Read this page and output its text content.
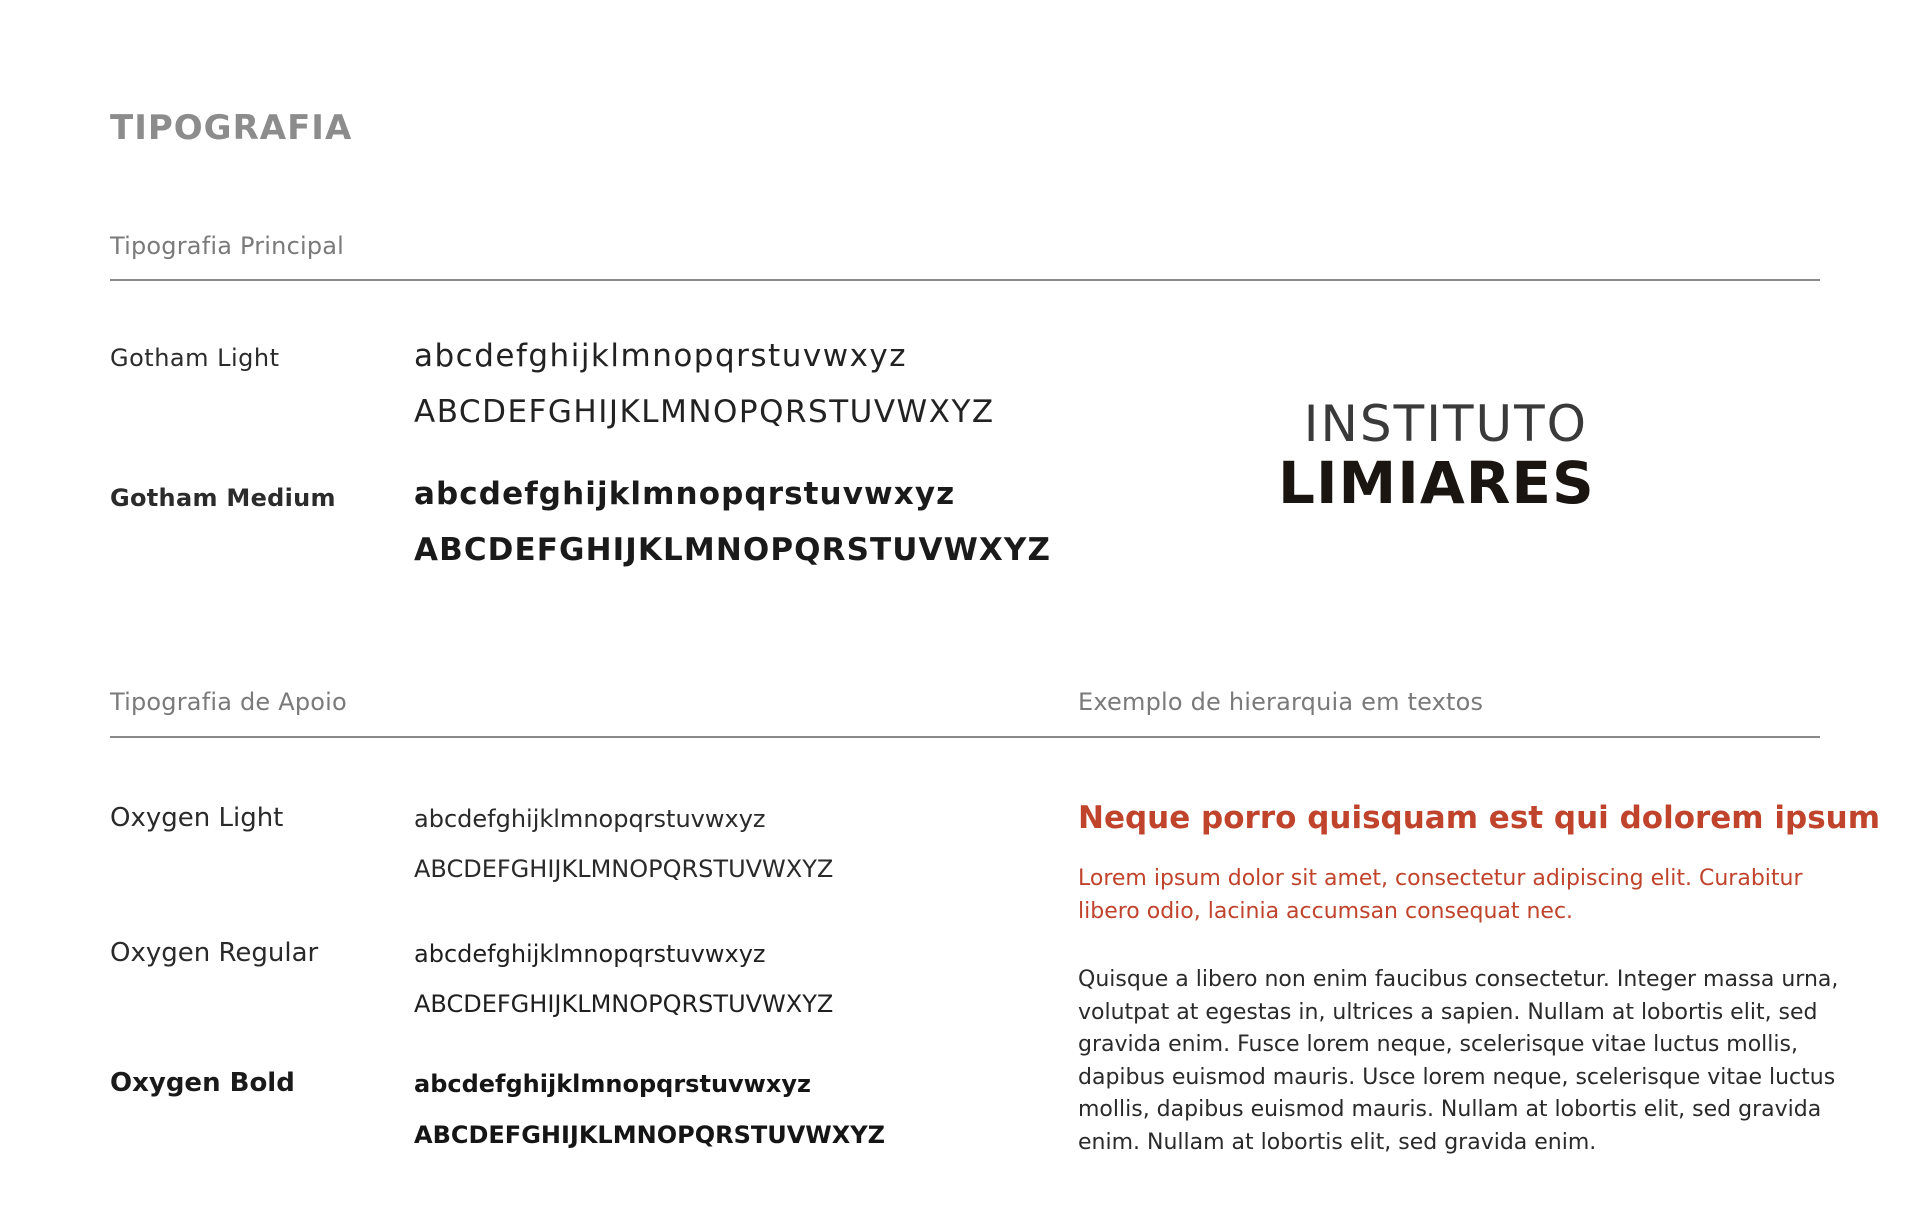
TIPOGRAFIA
Tipografia Principal
Gotham Light	abcdefghijklmnopqrstuvwxyz
ABCDEFGHIJKLMNOPQRSTUVWXYZ
Gotham Medium	abcdefghijklmnopqrstuvwxyz
ABCDEFGHIJKLMNOPQRSTUVWXYZ
INSTITUTO
LIMIARES
Tipografia de Apoio	Exemplo de hierarquia em textos
Oxygen Light	abcdefghijklmnopqrstuvwxyz
ABCDEFGHIJKLMNOPQRSTUVWXYZ
Oxygen Regular	abcdefghijklmnopqrstuvwxyz
ABCDEFGHIJKLMNOPQRSTUVWXYZ
Oxygen Bold	abcdefghijklmnopqrstuvwxyz
ABCDEFGHIJKLMNOPQRSTUVWXYZ
Neque porro quisquam est qui dolorem ipsum
Lorem ipsum dolor sit amet, consectetur adipiscing elit. Curabitur
libero odio, lacinia accumsan consequat nec.
Quisque a libero non enim faucibus consectetur. Integer massa urna,
volutpat at egestas in, ultrices a sapien. Nullam at lobortis elit, sed
gravida enim. Fusce lorem neque, scelerisque vitae luctus mollis,
dapibus euismod mauris. Usce lorem neque, scelerisque vitae luctus
mollis, dapibus euismod mauris. Nullam at lobortis elit, sed gravida
enim. Nullam at lobortis elit, sed gravida enim.
